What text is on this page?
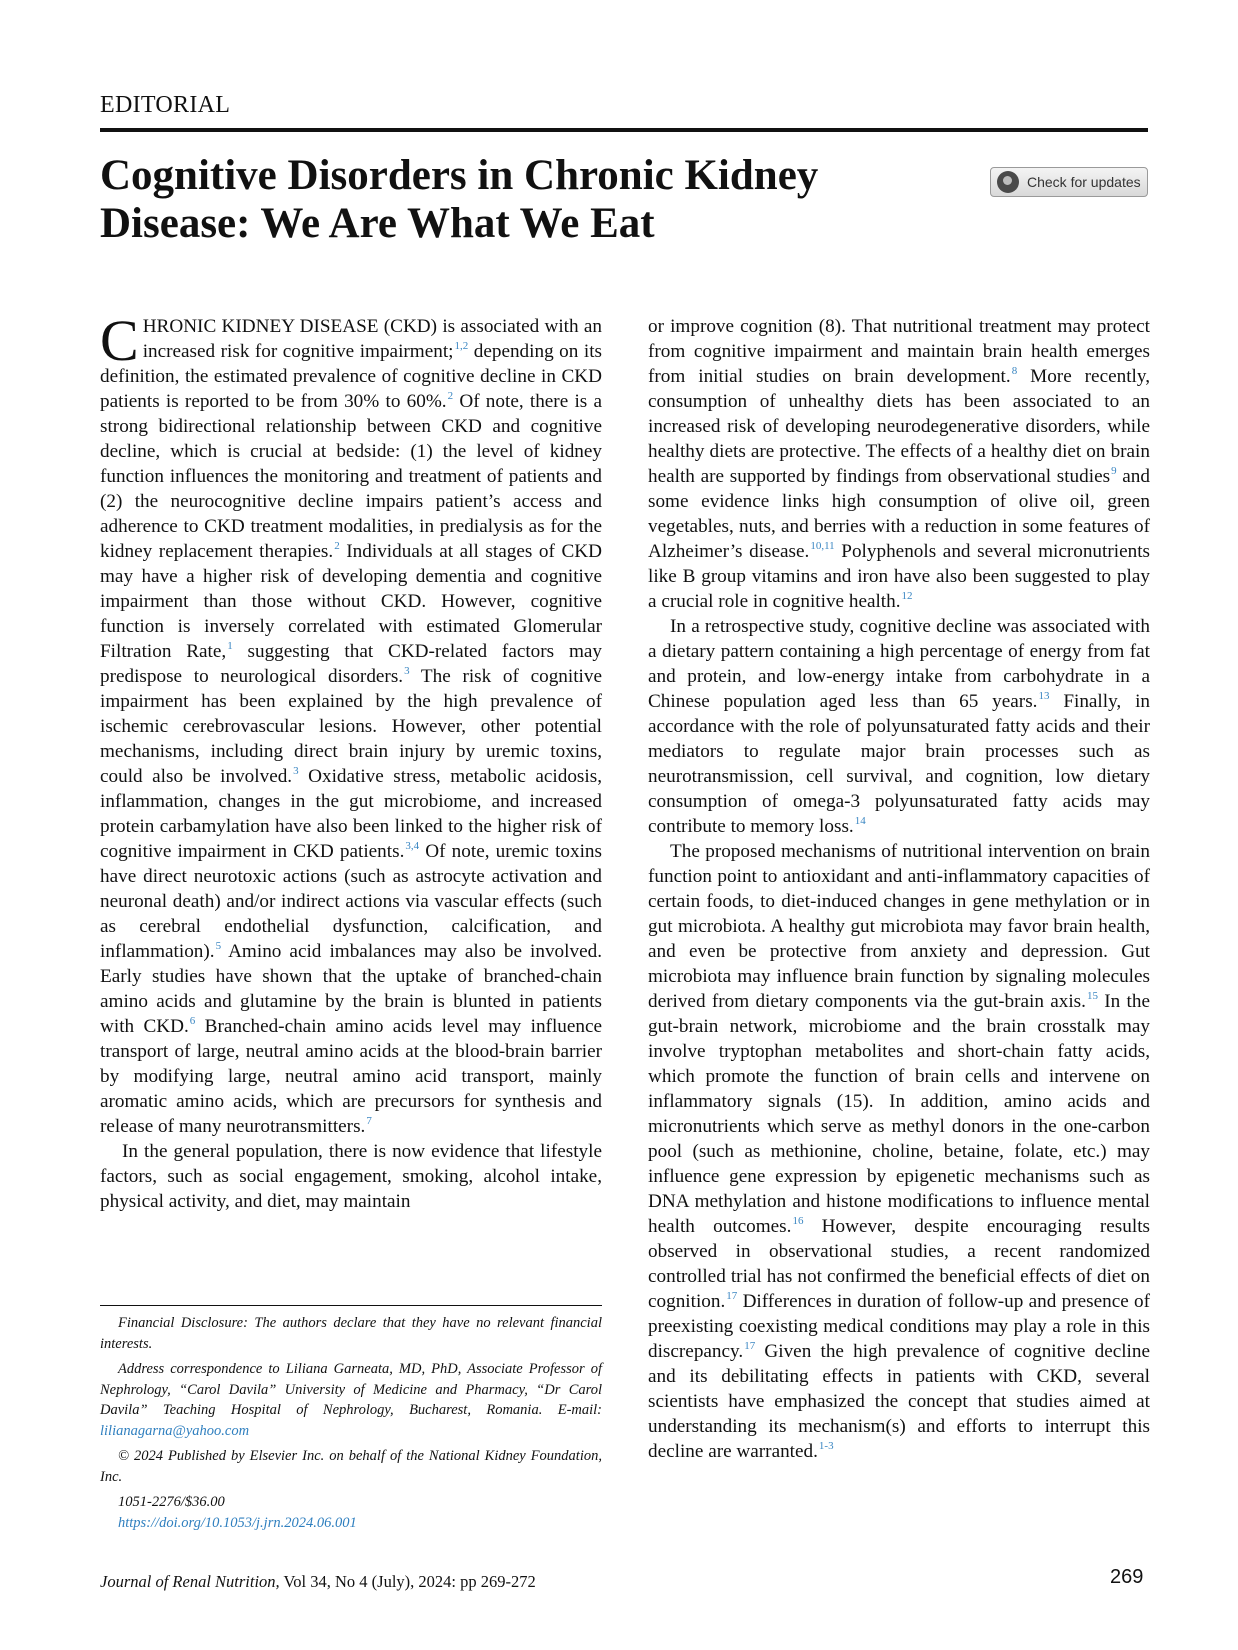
EDITORIAL
Cognitive Disorders in Chronic Kidney
Disease: We Are What We Eat
Check for updates

CHRONIC KIDNEY DISEASE (CKD) is associated with an increased risk for cognitive impairment;$^{1,2}$ depending on its definition, the estimated prevalence of cognitive decline in CKD patients is reported to be from 30% to 60%.$^2$ Of note, there is a strong bidirectional relationship between CKD and cognitive decline, which is crucial at bedside: (1) the level of kidney function influences the monitoring and treatment of patients and (2) the neurocognitive decline impairs patient’s access and adherence to CKD treatment modalities, in predialysis as for the kidney replacement therapies.$^2$ Individuals at all stages of CKD may have a higher risk of developing dementia and cognitive impairment than those without CKD. However, cognitive function is inversely correlated with estimated Glomerular Filtration Rate,$^1$ suggesting that CKD-related factors may predispose to neurological disorders.$^3$ The risk of cognitive impairment has been explained by the high prevalence of ischemic cerebrovascular lesions. However, other potential mechanisms, including direct brain injury by uremic toxins, could also be involved.$^3$ Oxidative stress, metabolic acidosis, inflammation, changes in the gut microbiome, and increased protein carbamylation have also been linked to the higher risk of cognitive impairment in CKD patients.$^{3,4}$ Of note, uremic toxins have direct neurotoxic actions (such as astrocyte activation and neuronal death) and/or indirect actions via vascular effects (such as cerebral endothelial dysfunction, calcification, and inflammation).$^5$ Amino acid imbalances may also be involved. Early studies have shown that the uptake of branched-chain amino acids and glutamine by the brain is blunted in patients with CKD.$^6$ Branched-chain amino acids level may influence transport of large, neutral amino acids at the blood-brain barrier by modifying large, neutral amino acid transport, mainly aromatic amino acids, which are precursors for synthesis and release of many neurotransmitters.$^7$

In the general population, there is now evidence that lifestyle factors, such as social engagement, smoking, alcohol intake, physical activity, and diet, may maintain

or improve cognition (8). That nutritional treatment may protect from cognitive impairment and maintain brain health emerges from initial studies on brain development.$^8$ More recently, consumption of unhealthy diets has been associated to an increased risk of developing neurodegenerative disorders, while healthy diets are protective. The effects of a healthy diet on brain health are supported by findings from observational studies$^9$ and some evidence links high consumption of olive oil, green vegetables, nuts, and berries with a reduction in some features of Alzheimer’s disease.$^{10,11}$ Polyphenols and several micronutrients like B group vitamins and iron have also been suggested to play a crucial role in cognitive health.$^{12}$

In a retrospective study, cognitive decline was associated with a dietary pattern containing a high percentage of energy from fat and protein, and low-energy intake from carbohydrate in a Chinese population aged less than 65 years.$^{13}$ Finally, in accordance with the role of polyunsaturated fatty acids and their mediators to regulate major brain processes such as neurotransmission, cell survival, and cognition, low dietary consumption of omega-3 polyunsaturated fatty acids may contribute to memory loss.$^{14}$

The proposed mechanisms of nutritional intervention on brain function point to antioxidant and anti-inflammatory capacities of certain foods, to diet-induced changes in gene methylation or in gut microbiota. A healthy gut microbiota may favor brain health, and even be protective from anxiety and depression. Gut microbiota may influence brain function by signaling molecules derived from dietary components via the gut-brain axis.$^{15}$ In the gut-brain network, microbiome and the brain crosstalk may involve tryptophan metabolites and short-chain fatty acids, which promote the function of brain cells and intervene on inflammatory signals (15). In addition, amino acids and micronutrients which serve as methyl donors in the one-carbon pool (such as methionine, choline, betaine, folate, etc.) may influence gene expression by epigenetic mechanisms such as DNA methylation and histone modifications to influence mental health outcomes.$^{16}$ However, despite encouraging results observed in observational studies, a recent randomized controlled trial has not confirmed the beneficial effects of diet on cognition.$^{17}$ Differences in duration of follow-up and presence of preexisting coexisting medical conditions may play a role in this discrepancy.$^{17}$ Given the high prevalence of cognitive decline and its debilitating effects in patients with CKD, several scientists have emphasized the concept that studies aimed at understanding its mechanism(s) and efforts to interrupt this decline are warranted.$^{1-3}$

Financial Disclosure: The authors declare that they have no relevant financial interests.

Address correspondence to Liliana Garneata, MD, PhD, Associate Professor of Nephrology, “Carol Davila” University of Medicine and Pharmacy, “Dr Carol Davila” Teaching Hospital of Nephrology, Bucharest, Romania. E-mail: lilianagarna@yahoo.com

© 2024 Published by Elsevier Inc. on behalf of the National Kidney Foundation, Inc.

1051-2276/$36.00

https://doi.org/10.1053/j.jrn.2024.06.001

Journal of Renal Nutrition, Vol 34, No 4 (July), 2024: pp 269-272	269
